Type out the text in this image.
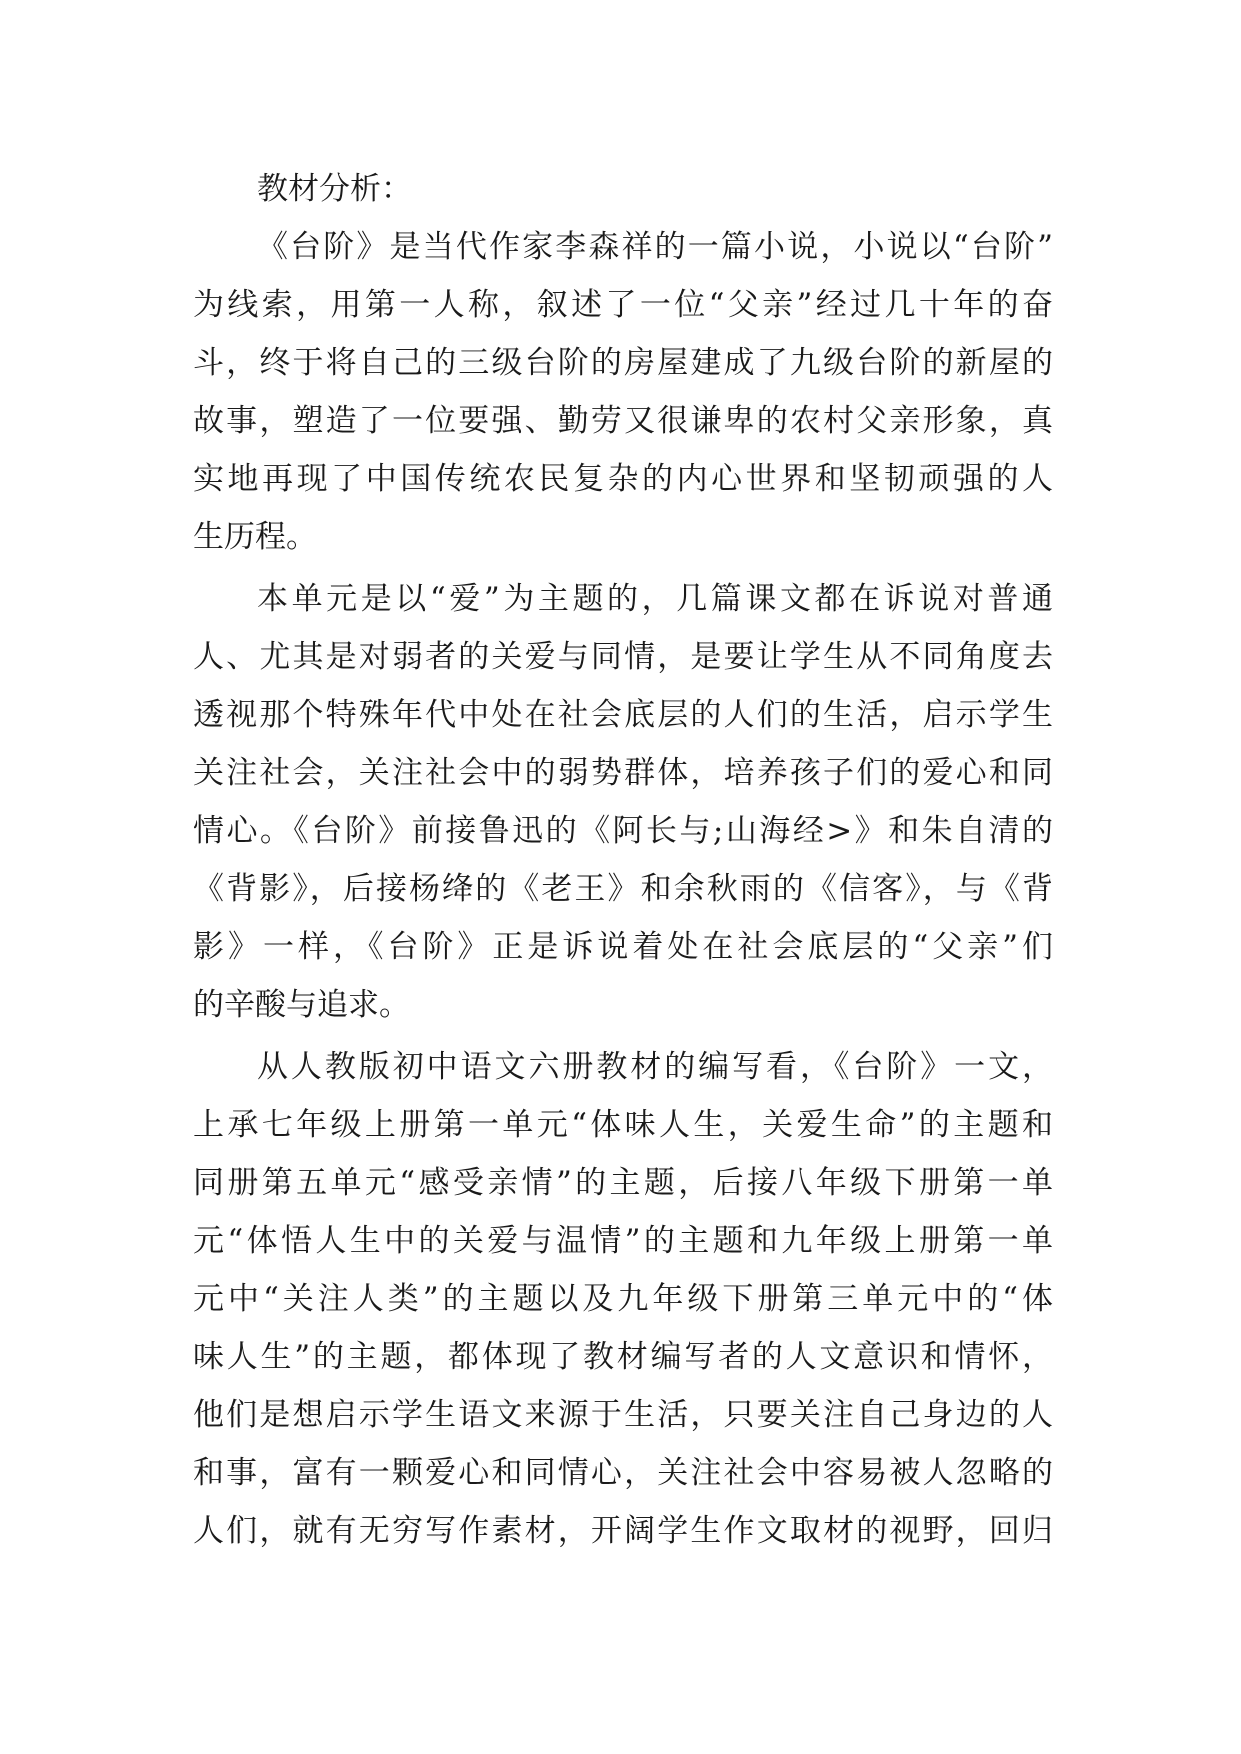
教材分析：
《台阶》是当代作家李森祥的一篇小说，小说以“台阶”
为线索，用第一人称，叙述了一位“父亲”经过几十年的奋
斗，终于将自己的三级台阶的房屋建成了九级台阶的新屋的
故事，塑造了一位要强、勤劳又很谦卑的农村父亲形象，真
实地再现了中国传统农民复杂的内心世界和坚韧顽强的人
生历程。
本单元是以“爱”为主题的，几篇课文都在诉说对普通
人、尤其是对弱者的关爱与同情，是要让学生从不同角度去
透视那个特殊年代中处在社会底层的人们的生活，启示学生
关注社会，关注社会中的弱势群体，培养孩子们的爱心和同
情心。《台阶》前接鲁迅的《阿长与;山海经>》和朱自清的
《背影》，后接杨绛的《老王》和余秋雨的《信客》，与《背
影》一样，《台阶》正是诉说着处在社会底层的“父亲”们
的辛酸与追求。
从人教版初中语文六册教材的编写看，《台阶》一文，
上承七年级上册第一单元“体味人生，关爱生命”的主题和
同册第五单元“感受亲情”的主题，后接八年级下册第一单
元“体悟人生中的关爱与温情”的主题和九年级上册第一单
元中“关注人类”的主题以及九年级下册第三单元中的“体
味人生”的主题，都体现了教材编写者的人文意识和情怀，
他们是想启示学生语文来源于生活，只要关注自己身边的人
和事，富有一颗爱心和同情心，关注社会中容易被人忽略的
人们，就有无穷写作素材，开阔学生作文取材的视野，回归
